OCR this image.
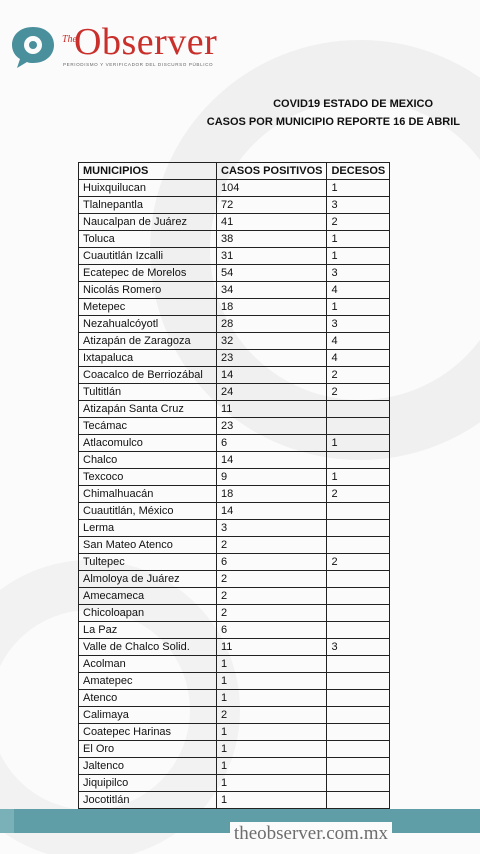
The
Observer
PERIODISMO Y VERIFICADOR DEL DISCURSO PÚBLICO
COVID19 ESTADO DE MEXICO
CASOS POR MUNICIPIO REPORTE 16 DE ABRIL
MUNICIPIOS	CASOS POSITIVOS	DECESOS
Huixquilucan	104	1
Tlalnepantla	72	3
Naucalpan de Juárez	41	2
Toluca	38	1
Cuautitlán Izcalli	31	1
Ecatepec de Morelos	54	3
Nicolás Romero	34	4
Metepec	18	1
Nezahualcóyotl	28	3
Atizapán de Zaragoza	32	4
Ixtapaluca	23	4
Coacalco de Berriozábal	14	2
Tultitlán	24	2
Atizapán Santa Cruz	11	
Tecámac	23	
Atlacomulco	6	1
Chalco	14	
Texcoco	9	1
Chimalhuacán	18	2
Cuautitlán, México	14	
Lerma	3	
San Mateo Atenco	2	
Tultepec	6	2
Almoloya de Juárez	2	
Amecameca	2	
Chicoloapan	2	
La Paz	6	
Valle de Chalco Solid.	11	3
Acolman	1	
Amatepec	1	
Atenco	1	
Calimaya	2	
Coatepec Harinas	1	
El Oro	1	
Jaltenco	1	
Jiquipilco	1	
Jocotitlán	1	
theobserver.com.mx
